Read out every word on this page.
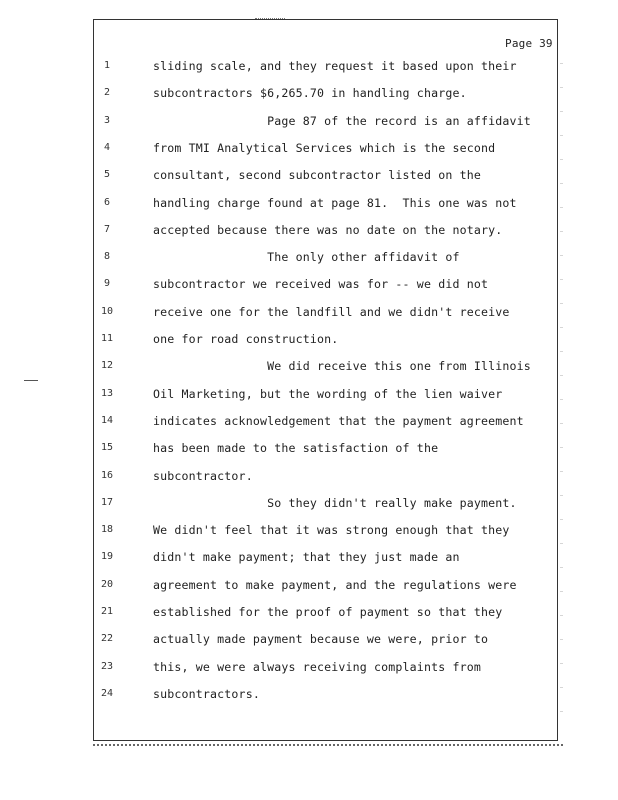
Page 39
1	sliding scale, and they request it based upon their
2	subcontractors $6,265.70 in handling charge.
3	Page 87 of the record is an affidavit
4	from TMI Analytical Services which is the second
5	consultant, second subcontractor listed on the
6	handling charge found at page 81.  This one was not
7	accepted because there was no date on the notary.
8	The only other affidavit of
9	subcontractor we received was for -- we did not
10	receive one for the landfill and we didn't receive
11	one for road construction.
12	We did receive this one from Illinois
13	Oil Marketing, but the wording of the lien waiver
14	indicates acknowledgement that the payment agreement
15	has been made to the satisfaction of the
16	subcontractor.
17	So they didn't really make payment.
18	We didn't feel that it was strong enough that they
19	didn't make payment; that they just made an
20	agreement to make payment, and the regulations were
21	established for the proof of payment so that they
22	actually made payment because we were, prior to
23	this, we were always receiving complaints from
24	subcontractors.
